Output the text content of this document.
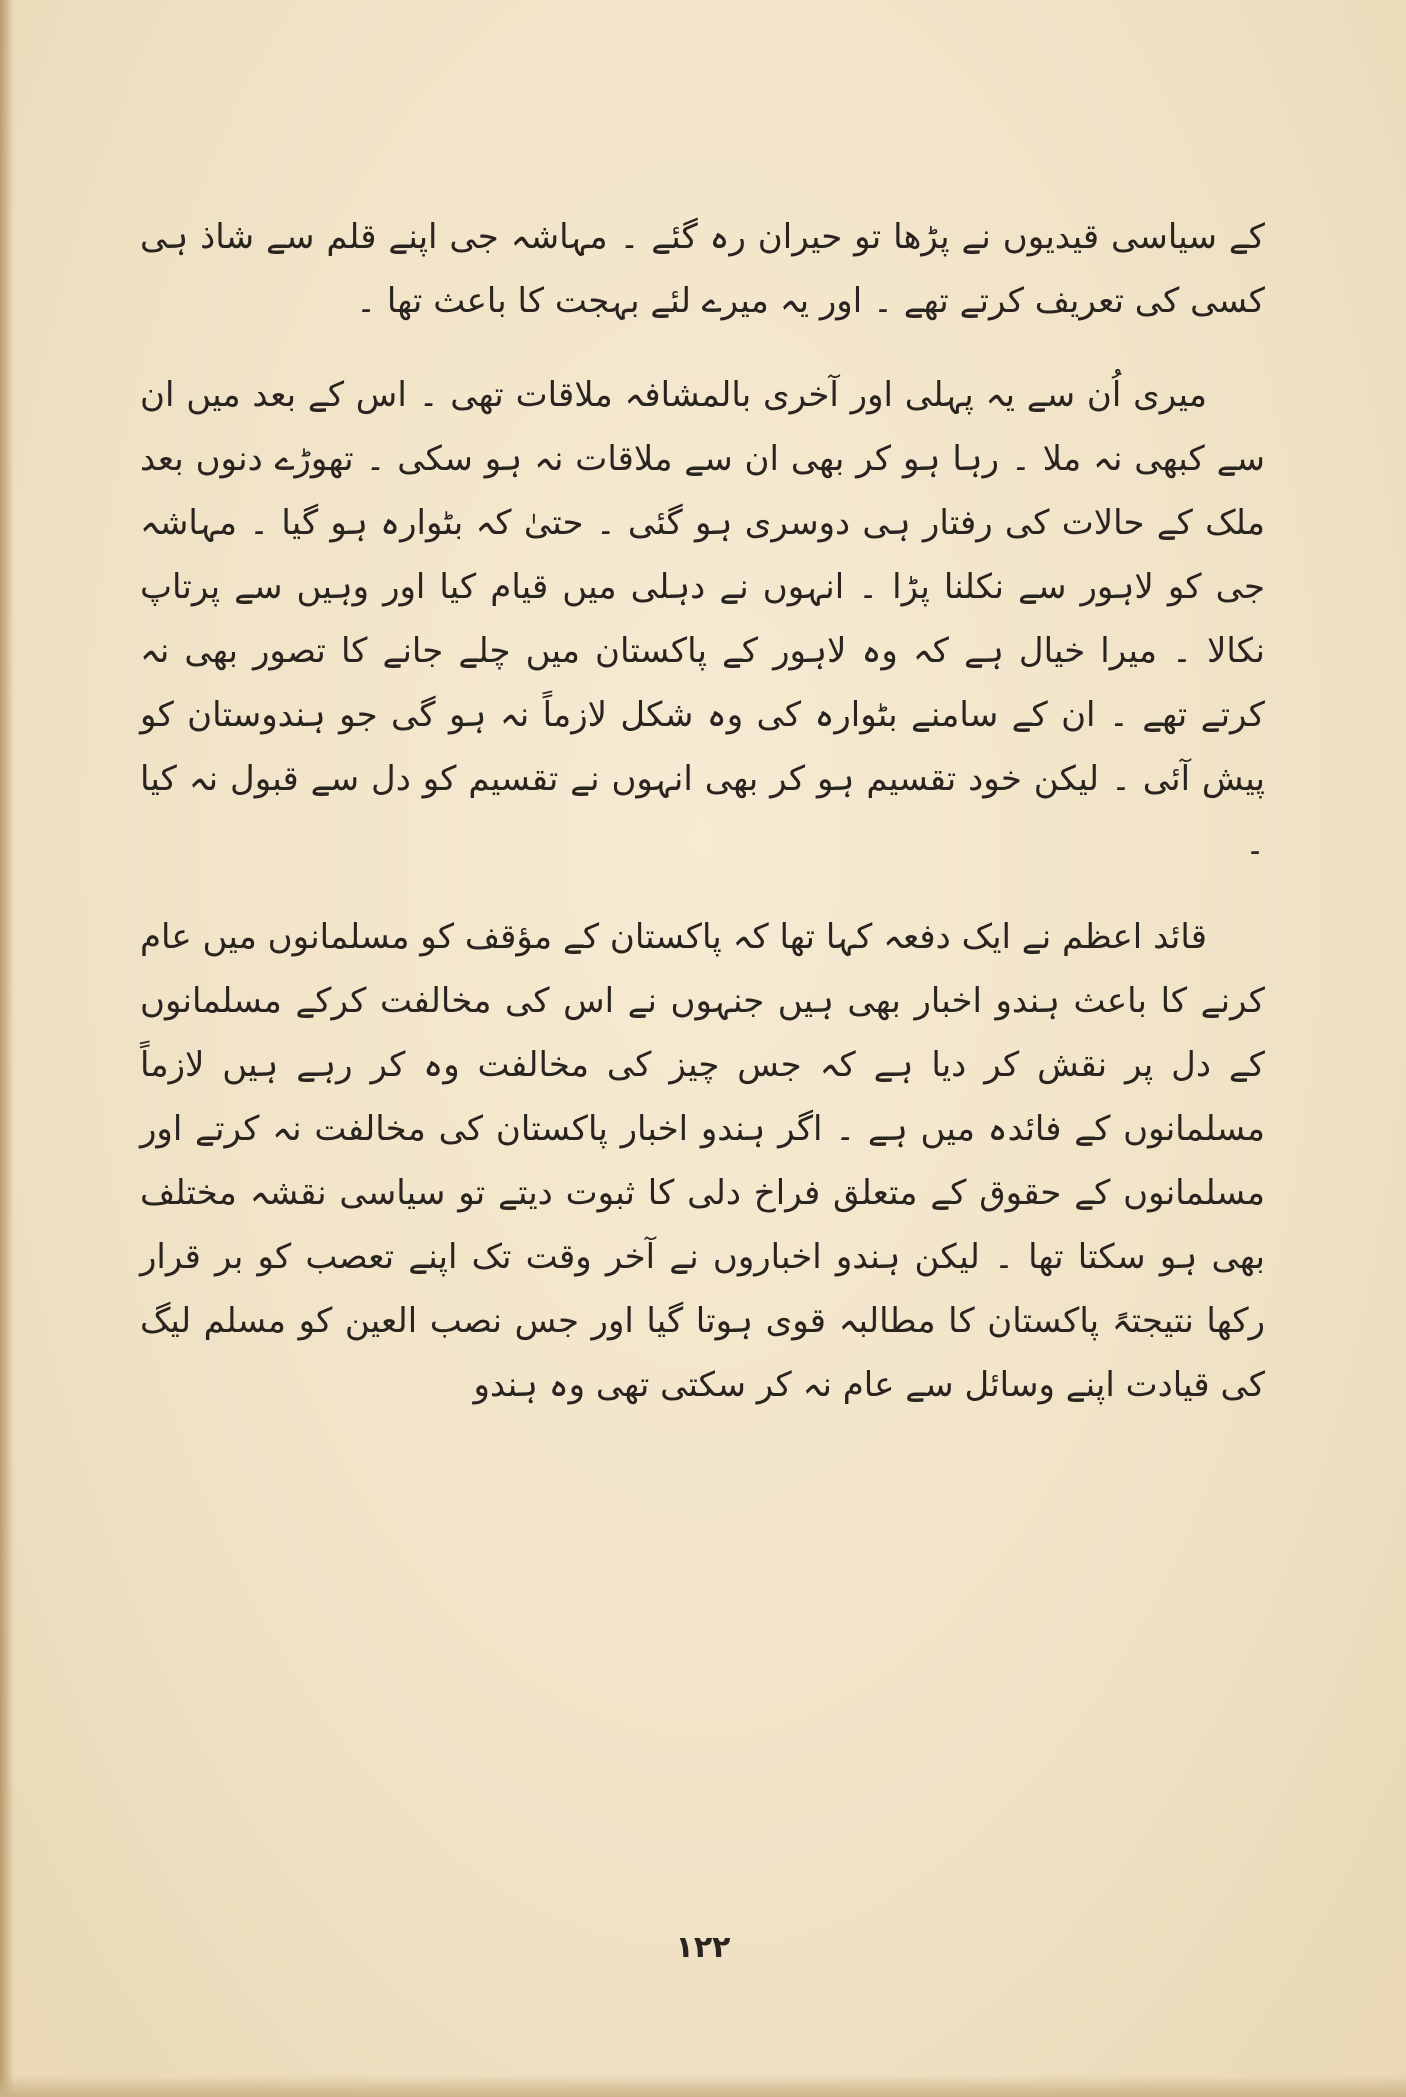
کے سیاسی قیدیوں نے پڑھا تو حیران رہ گئے ۔ مہاشہ جی اپنے قلم سے شاذ ہی کسی کی تعریف کرتے تھے ۔ اور یہ میرے لئے بہجت کا باعث تھا ۔

میری اُن سے یہ پہلی اور آخری بالمشافہ ملاقات تھی ۔ اس کے بعد میں ان سے کبھی نہ ملا ۔ رہا ہو کر بھی ان سے ملاقات نہ ہو سکی ۔ تھوڑے دنوں بعد ملک کے حالات کی رفتار ہی دوسری ہو گئی ۔ حتیٰ کہ بٹوارہ ہو گیا ۔ مہاشہ جی کو لاہور سے نکلنا پڑا ۔ انہوں نے دہلی میں قیام کیا اور وہیں سے پرتاپ نکالا ۔ میرا خیال ہے کہ وہ لاہور کے پاکستان میں چلے جانے کا تصور بھی نہ کرتے تھے ۔ ان کے سامنے بٹوارہ کی وہ شکل لازماً نہ ہو گی جو ہندوستان کو پیش آئی ۔ لیکن خود تقسیم ہو کر بھی انہوں نے تقسیم کو دل سے قبول نہ کیا ۔

قائد اعظم نے ایک دفعہ کہا تھا کہ پاکستان کے مؤقف کو مسلمانوں میں عام کرنے کا باعث ہندو اخبار بھی ہیں جنہوں نے اس کی مخالفت کرکے مسلمانوں کے دل پر نقش کر دیا ہے کہ جس چیز کی مخالفت وہ کر رہے ہیں لازماً مسلمانوں کے فائدہ میں ہے ۔ اگر ہندو اخبار پاکستان کی مخالفت نہ کرتے اور مسلمانوں کے حقوق کے متعلق فراخ دلی کا ثبوت دیتے تو سیاسی نقشہ مختلف بھی ہو سکتا تھا ۔ لیکن ہندو اخباروں نے آخر وقت تک اپنے تعصب کو بر قرار رکھا نتیجتہً پاکستان کا مطالبہ قوی ہوتا گیا اور جس نصب العین کو مسلم لیگ کی قیادت اپنے وسائل سے عام نہ کر سکتی تھی وہ ہندو

۱۲۲
